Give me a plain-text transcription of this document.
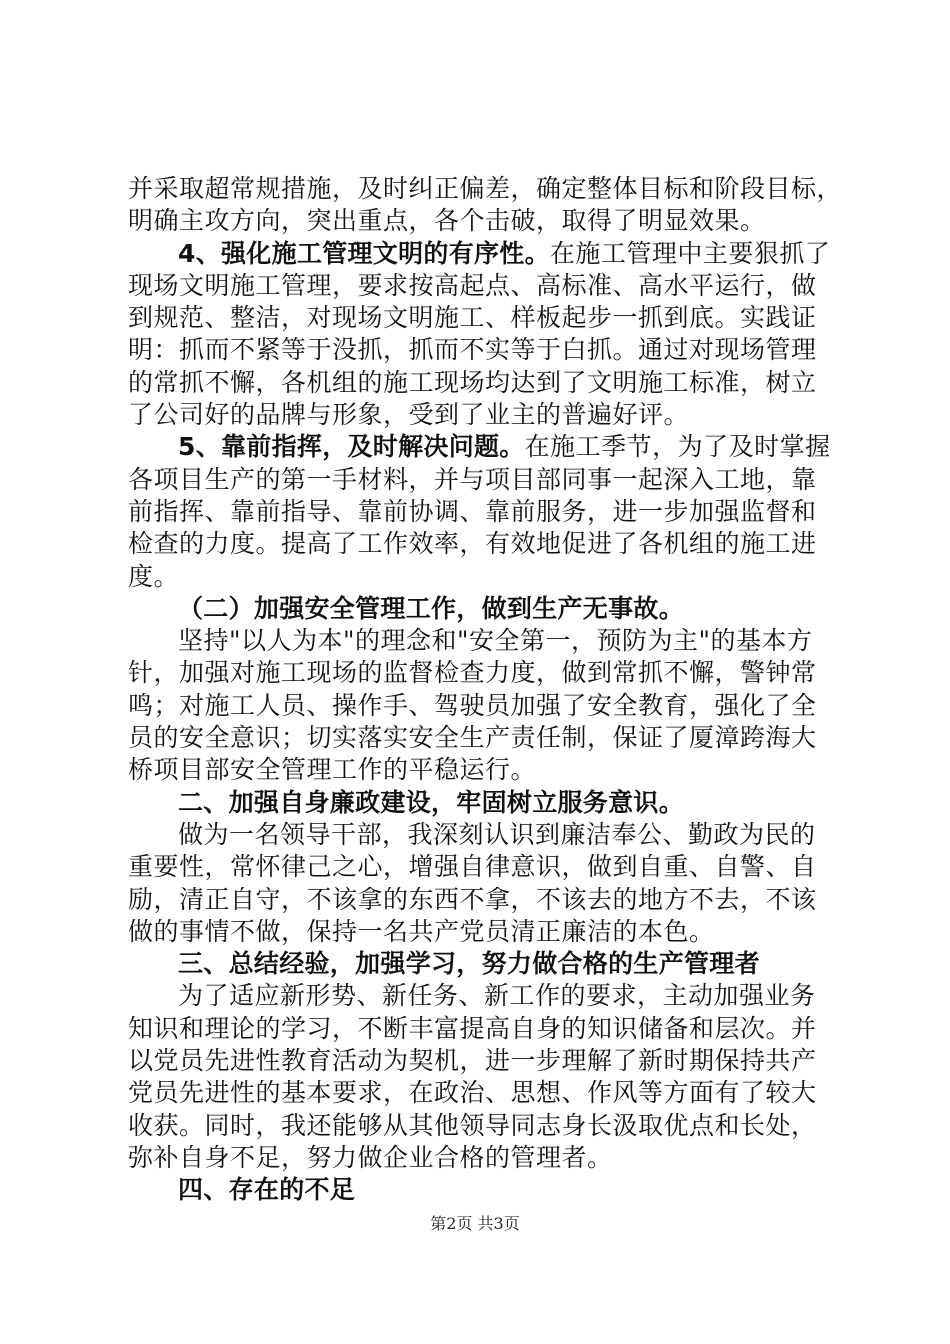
并采取超常规措施，及时纠正偏差，确定整体目标和阶段目标，
明确主攻方向，突出重点，各个击破，取得了明显效果。
4、强化施工管理文明的有序性。在施工管理中主要狠抓了
现场文明施工管理，要求按高起点、高标准、高水平运行，做
到规范、整洁，对现场文明施工、样板起步一抓到底。实践证
明：抓而不紧等于没抓，抓而不实等于白抓。通过对现场管理
的常抓不懈，各机组的施工现场均达到了文明施工标准，树立
了公司好的品牌与形象，受到了业主的普遍好评。
5、靠前指挥，及时解决问题。在施工季节，为了及时掌握
各项目生产的第一手材料，并与项目部同事一起深入工地，靠
前指挥、靠前指导、靠前协调、靠前服务，进一步加强监督和
检查的力度。提高了工作效率，有效地促进了各机组的施工进
度。
（二）加强安全管理工作，做到生产无事故。
坚持"以人为本"的理念和"安全第一，预防为主"的基本方
针，加强对施工现场的监督检查力度，做到常抓不懈，警钟常
鸣；对施工人员、操作手、驾驶员加强了安全教育，强化了全
员的安全意识；切实落实安全生产责任制，保证了厦漳跨海大
桥项目部安全管理工作的平稳运行。
二、加强自身廉政建设，牢固树立服务意识。
做为一名领导干部，我深刻认识到廉洁奉公、勤政为民的
重要性，常怀律己之心，增强自律意识，做到自重、自警、自
励，清正自守，不该拿的东西不拿，不该去的地方不去，不该
做的事情不做，保持一名共产党员清正廉洁的本色。
三、总结经验，加强学习，努力做合格的生产管理者
为了适应新形势、新任务、新工作的要求，主动加强业务
知识和理论的学习，不断丰富提高自身的知识储备和层次。并
以党员先进性教育活动为契机，进一步理解了新时期保持共产
党员先进性的基本要求，在政治、思想、作风等方面有了较大
收获。同时，我还能够从其他领导同志身长汲取优点和长处，
弥补自身不足，努力做企业合格的管理者。
四、存在的不足
第2页 共3页
